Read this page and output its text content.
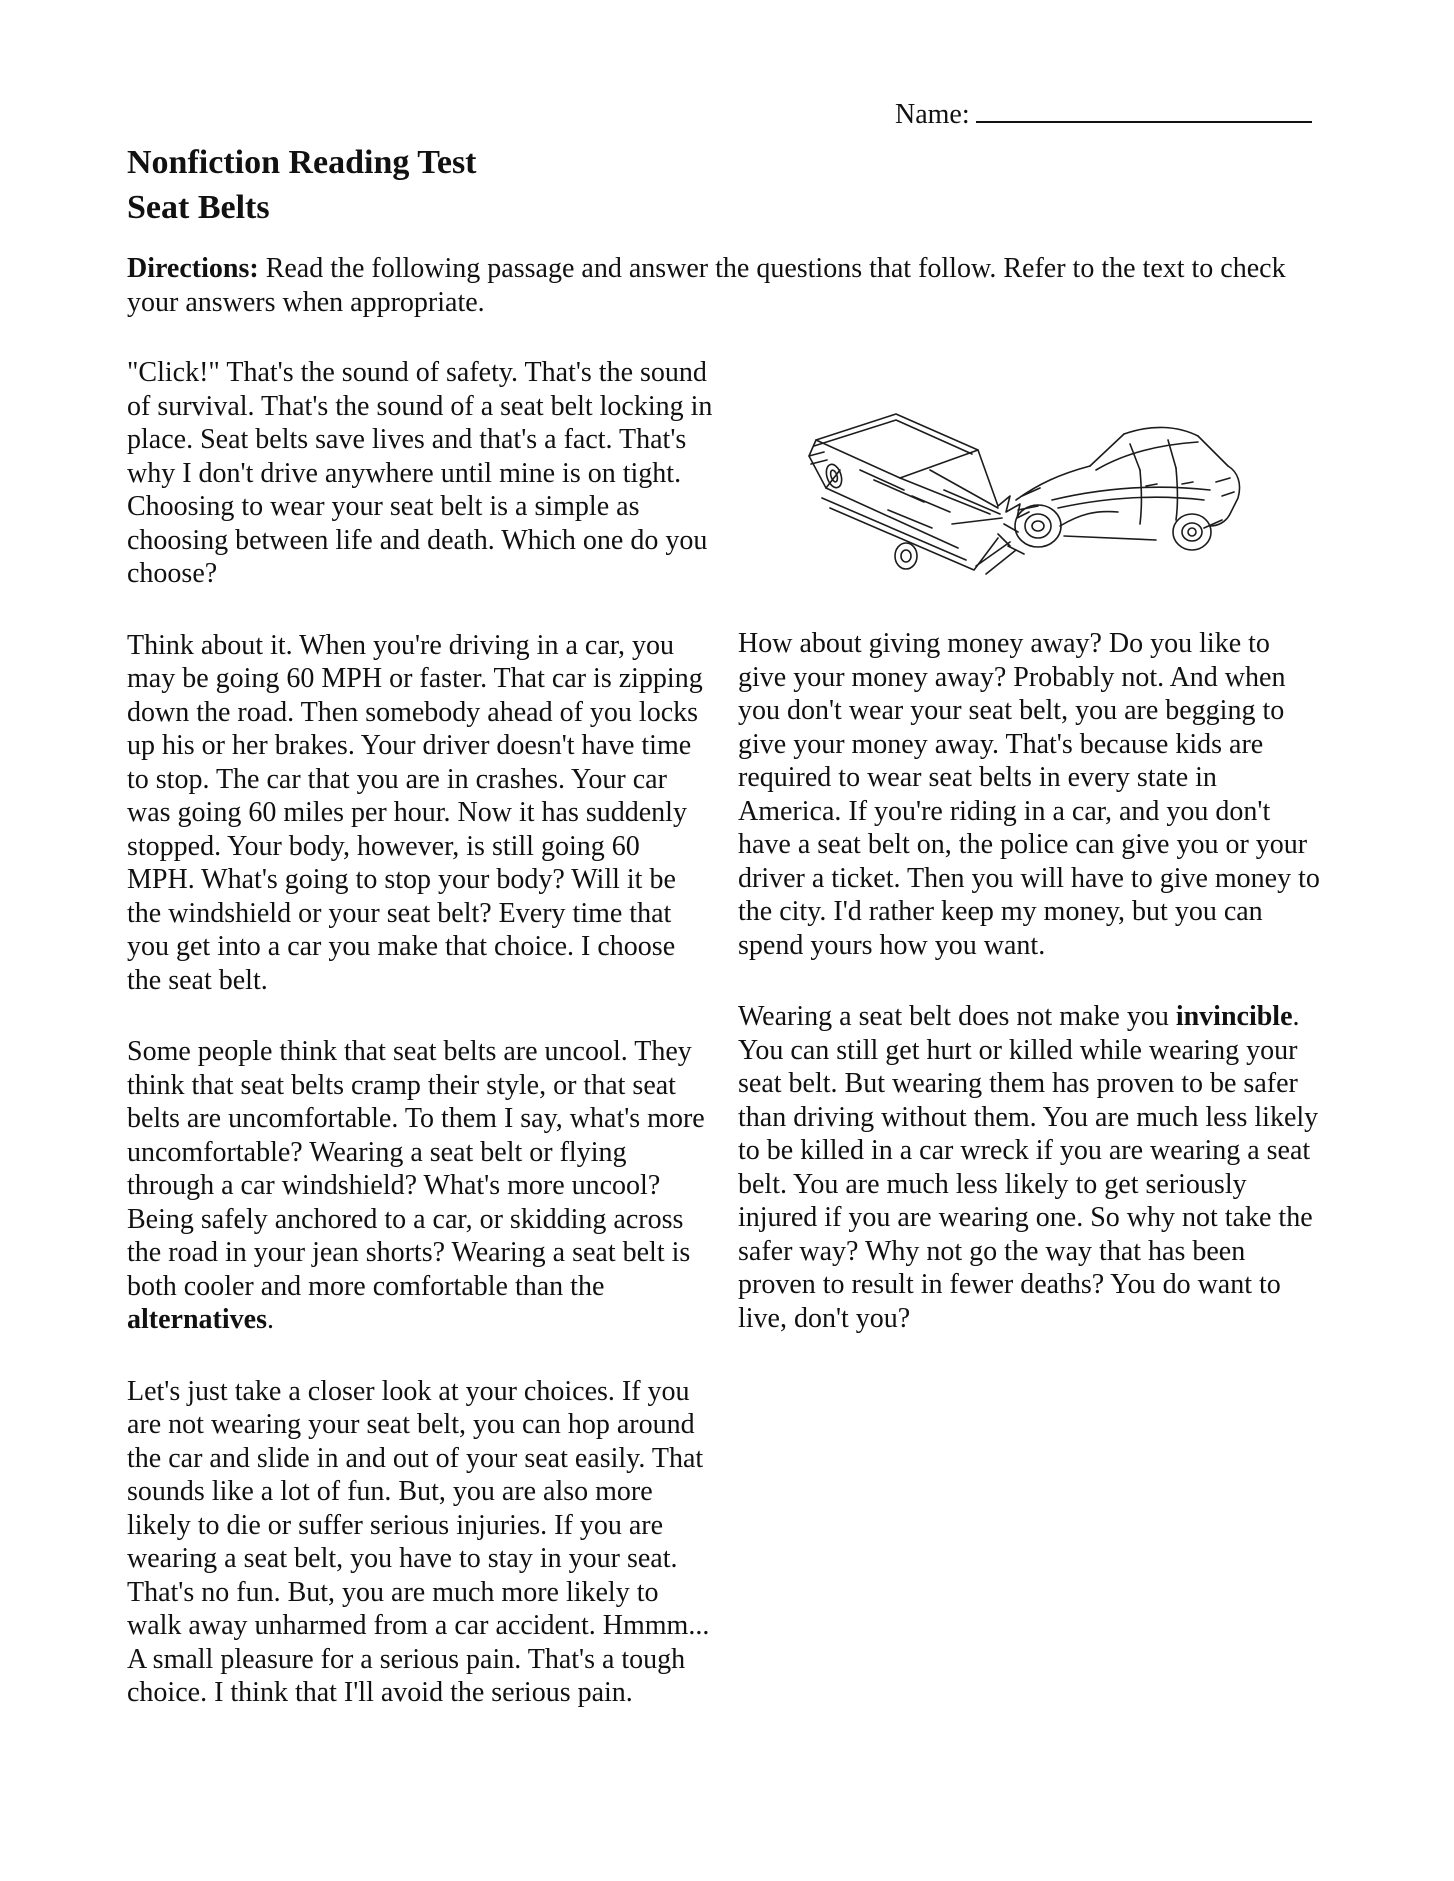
Name:
Nonfiction Reading Test
Seat Belts

Directions: Read the following passage and answer the questions that follow. Refer to the text to check your answers when appropriate.

"Click!" That's the sound of safety. That's the sound of survival. That's the sound of a seat belt locking in place. Seat belts save lives and that's a fact. That's why I don't drive anywhere until mine is on tight. Choosing to wear your seat belt is a simple as choosing between life and death. Which one do you choose?

Think about it. When you're driving in a car, you may be going 60 MPH or faster. That car is zipping down the road. Then somebody ahead of you locks up his or her brakes. Your driver doesn't have time to stop. The car that you are in crashes. Your car was going 60 miles per hour. Now it has suddenly stopped. Your body, however, is still going 60 MPH. What's going to stop your body? Will it be the windshield or your seat belt? Every time that you get into a car you make that choice. I choose the seat belt.

Some people think that seat belts are uncool. They think that seat belts cramp their style, or that seat belts are uncomfortable. To them I say, what's more uncomfortable? Wearing a seat belt or flying through a car windshield? What's more uncool? Being safely anchored to a car, or skidding across the road in your jean shorts? Wearing a seat belt is both cooler and more comfortable than the alternatives.

Let's just take a closer look at your choices. If you are not wearing your seat belt, you can hop around the car and slide in and out of your seat easily. That sounds like a lot of fun. But, you are also more likely to die or suffer serious injuries. If you are wearing a seat belt, you have to stay in your seat. That's no fun. But, you are much more likely to walk away unharmed from a car accident. Hmmm... A small pleasure for a serious pain. That's a tough choice. I think that I'll avoid the serious pain.

How about giving money away? Do you like to give your money away? Probably not. And when you don't wear your seat belt, you are begging to give your money away. That's because kids are required to wear seat belts in every state in America. If you're riding in a car, and you don't have a seat belt on, the police can give you or your driver a ticket. Then you will have to give money to the city. I'd rather keep my money, but you can spend yours how you want.

Wearing a seat belt does not make you invincible. You can still get hurt or killed while wearing your seat belt. But wearing them has proven to be safer than driving without them. You are much less likely to be killed in a car wreck if you are wearing a seat belt. You are much less likely to get seriously injured if you are wearing one. So why not take the safer way? Why not go the way that has been proven to result in fewer deaths? You do want to live, don't you?
